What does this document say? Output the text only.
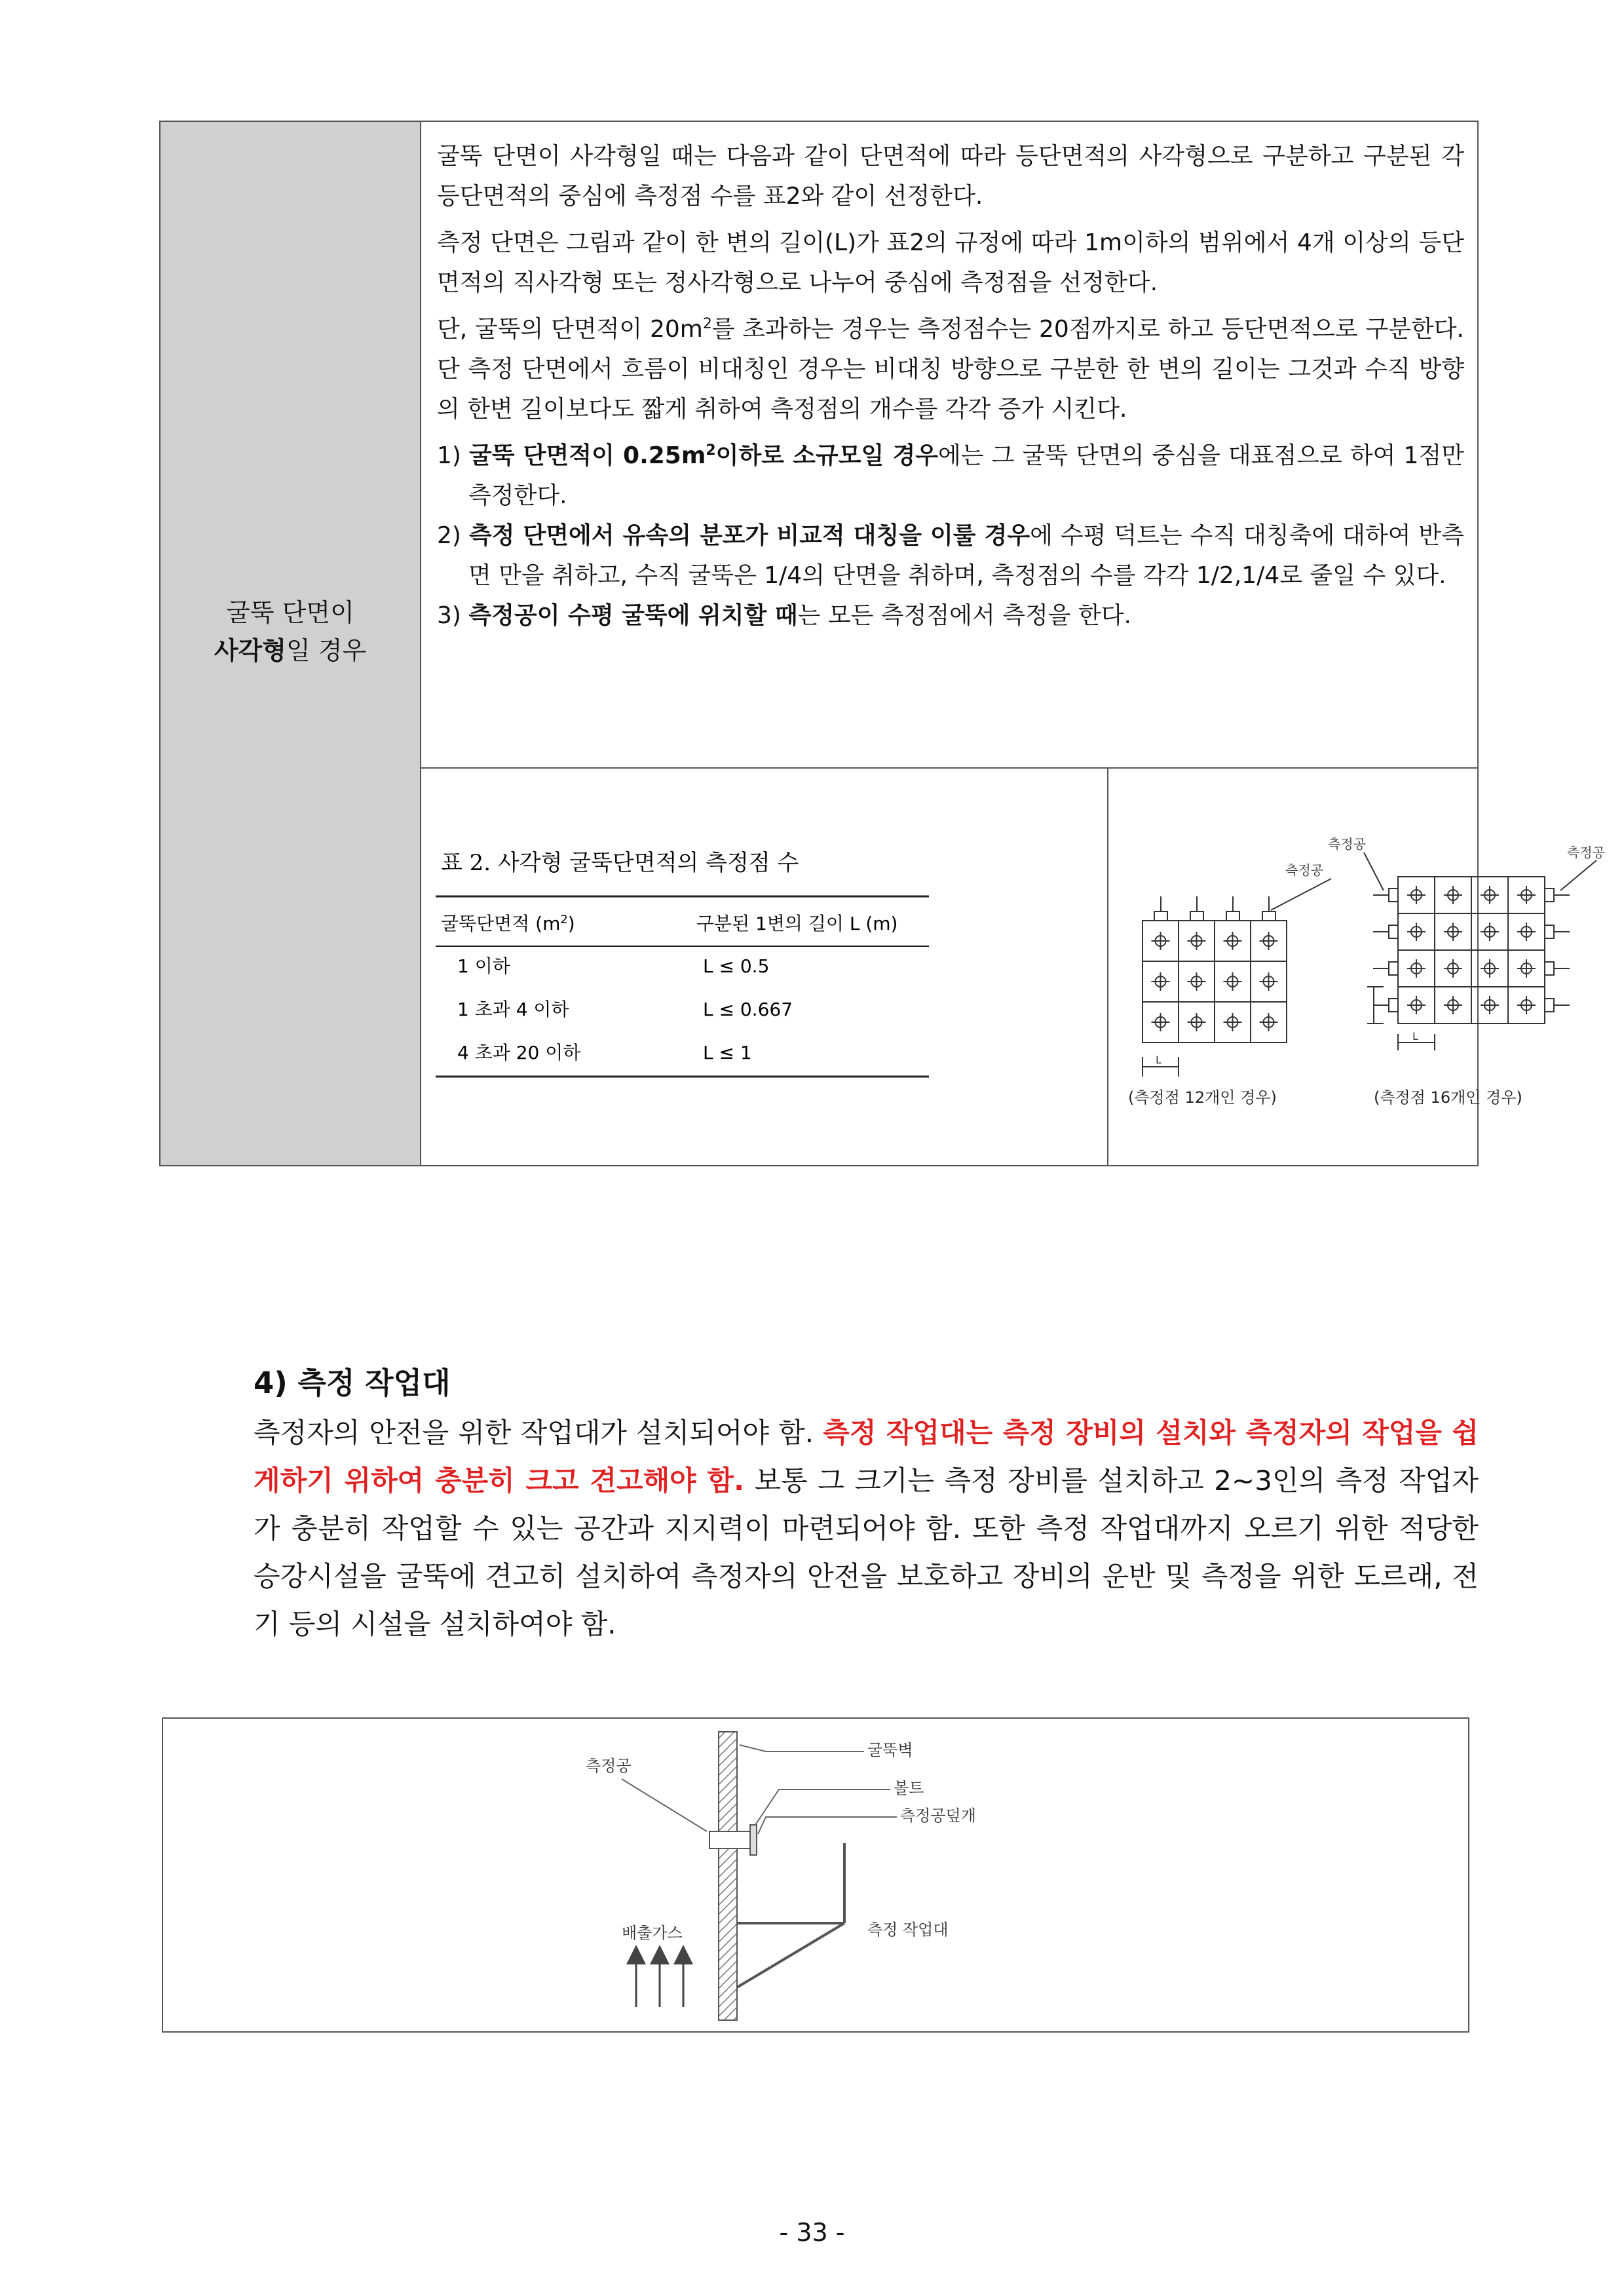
굴뚝 단면이
사각형일 경우

굴뚝 단면이 사각형일 때는 다음과 같이 단면적에 따라 등단면적의 사각형으로 구분하고 구분된 각 등단면적의 중심에 측정점 수를 표2와 같이 선정한다.

측정 단면은 그림과 같이 한 변의 길이(L)가 표2의 규정에 따라 1m이하의 범위에서 4개 이상의 등단면적의 직사각형 또는 정사각형으로 나누어 중심에 측정점을 선정한다.

단, 굴뚝의 단면적이 $20m^2$를 초과하는 경우는 측정점수는 20점까지로 하고 등단면적으로 구분한다. 단 측정 단면에서 흐름이 비대칭인 경우는 비대칭 방향으로 구분한 한 변의 길이는 그것과 수직 방향의 한변 길이보다도 짧게 취하여 측정점의 개수를 각각 증가 시킨다.

1) 굴뚝 단면적이 $0.25m^2$이하로 소규모일 경우에는 그 굴뚝 단면의 중심을 대표점으로 하여 1점만 측정한다.
2) 측정 단면에서 유속의 분포가 비교적 대칭을 이룰 경우에 수평 덕트는 수직 대칭축에 대하여 반측면 만을 취하고, 수직 굴뚝은 1/4의 단면을 취하며, 측정점의 수를 각각 1/2,1/4로 줄일 수 있다.
3) 측정공이 수평 굴뚝에 위치할 때는 모든 측정점에서 측정을 한다.
표 2. 사각형 굴뚝단면적의 측정점 수
굴뚝단면적 $(m^2)$	구분된 1변의 길이 L (m)
1 이하	L ≤ 0.5
1 초과 4 이하	L ≤ 0.667
4 초과 20 이하	L ≤ 1
측정공
측정공
측정공
L
L
(측정점 12개인 경우)	(측정점 16개인 경우)
4) 측정 작업대
측정자의 안전을 위한 작업대가 설치되어야 함. 측정 작업대는 측정 장비의 설치와 측정자의 작업을 쉽게하기 위하여 충분히 크고 견고해야 함. 보통 그 크기는 측정 장비를 설치하고 2~3인의 측정 작업자가 충분히 작업할 수 있는 공간과 지지력이 마련되어야 함. 또한 측정 작업대까지 오르기 위한 적당한 승강시설을 굴뚝에 견고히 설치하여 측정자의 안전을 보호하고 장비의 운반 및 측정을 위한 도르래, 전기 등의 시설을 설치하여야 함.
측정공
굴뚝벽
볼트
측정공덮개
배출가스	측정 작업대
- 33 -
